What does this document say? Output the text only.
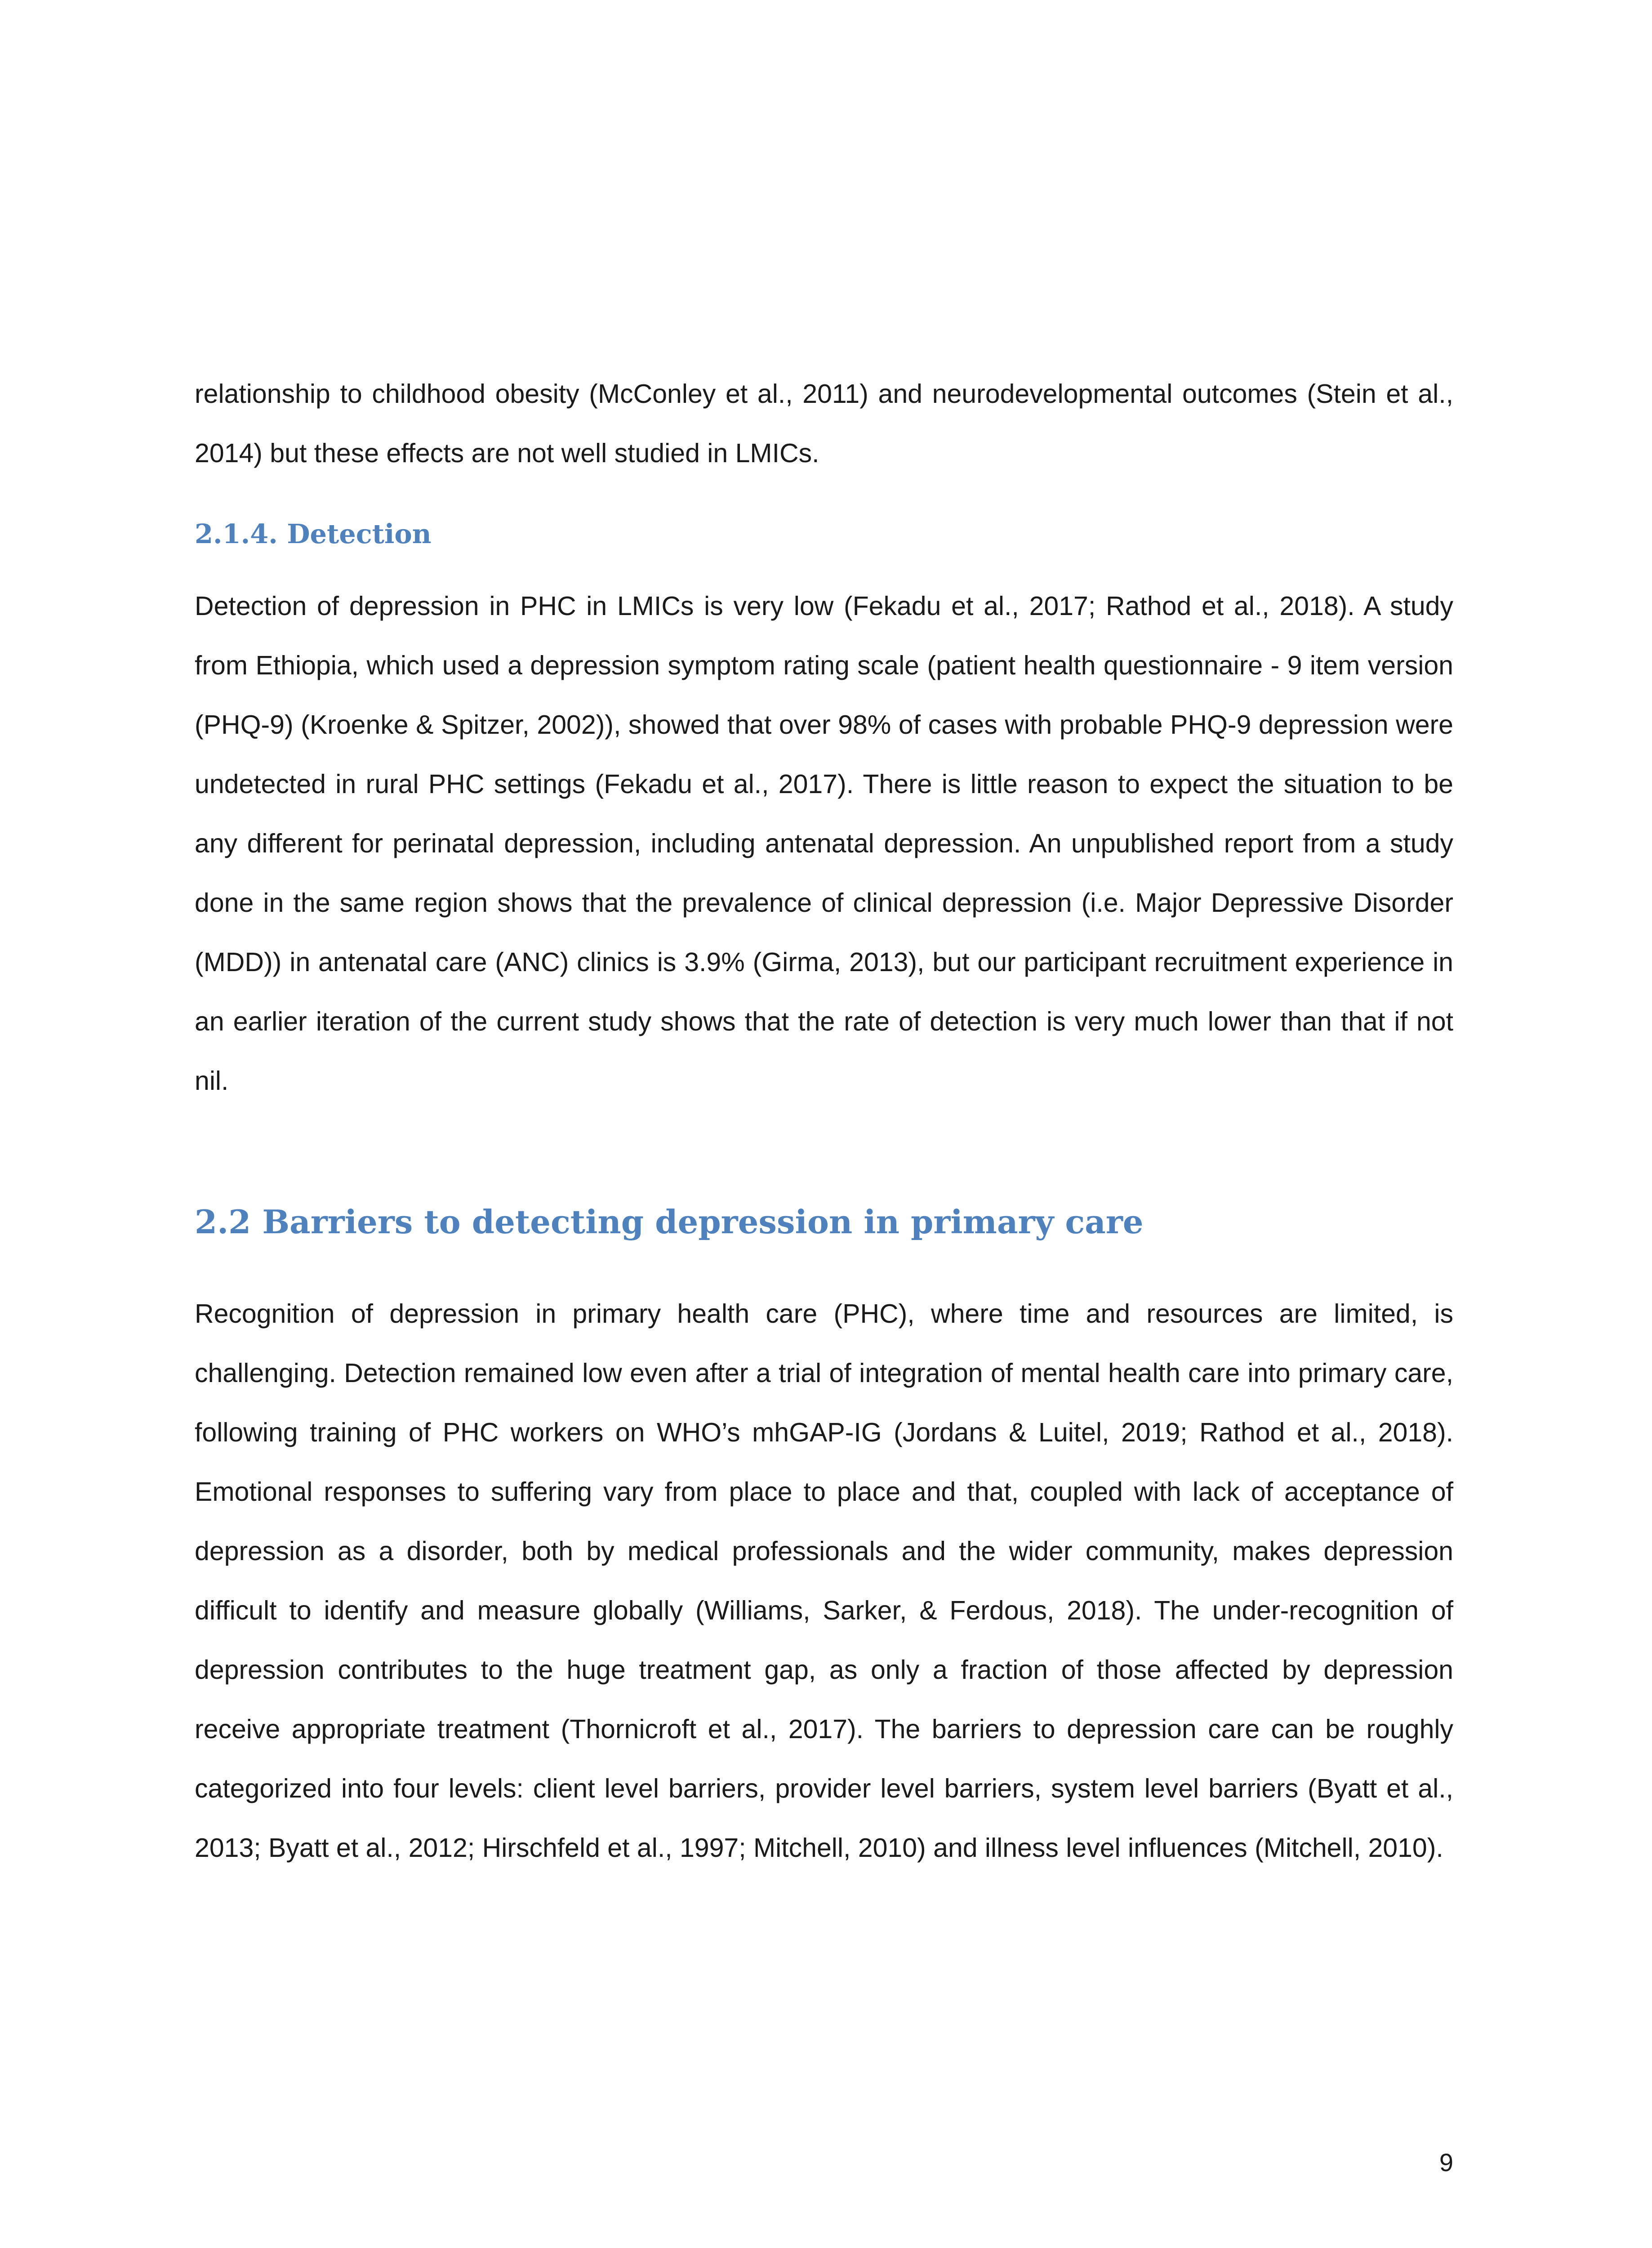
relationship to childhood obesity (McConley et al., 2011) and neurodevelopmental outcomes (Stein et al., 2014) but these effects are not well studied in LMICs.

2.1.4. Detection

Detection of depression in PHC in LMICs is very low (Fekadu et al., 2017; Rathod et al., 2018). A study from Ethiopia, which used a depression symptom rating scale (patient health questionnaire - 9 item version (PHQ-9) (Kroenke & Spitzer, 2002)), showed that over 98% of cases with probable PHQ-9 depression were undetected in rural PHC settings (Fekadu et al., 2017). There is little reason to expect the situation to be any different for perinatal depression, including antenatal depression. An unpublished report from a study done in the same region shows that the prevalence of clinical depression (i.e. Major Depressive Disorder (MDD)) in antenatal care (ANC) clinics is 3.9% (Girma, 2013), but our participant recruitment experience in an earlier iteration of the current study shows that the rate of detection is very much lower than that if not nil.

2.2 Barriers to detecting depression in primary care

Recognition of depression in primary health care (PHC), where time and resources are limited, is challenging. Detection remained low even after a trial of integration of mental health care into primary care, following training of PHC workers on WHO’s mhGAP-IG (Jordans & Luitel, 2019; Rathod et al., 2018). Emotional responses to suffering vary from place to place and that, coupled with lack of acceptance of depression as a disorder, both by medical professionals and the wider community, makes depression difficult to identify and measure globally (Williams, Sarker, & Ferdous, 2018). The under-recognition of depression contributes to the huge treatment gap, as only a fraction of those affected by depression receive appropriate treatment (Thornicroft et al., 2017). The barriers to depression care can be roughly categorized into four levels: client level barriers, provider level barriers, system level barriers (Byatt et al., 2013; Byatt et al., 2012; Hirschfeld et al., 1997; Mitchell, 2010) and illness level influences (Mitchell, 2010).

9
